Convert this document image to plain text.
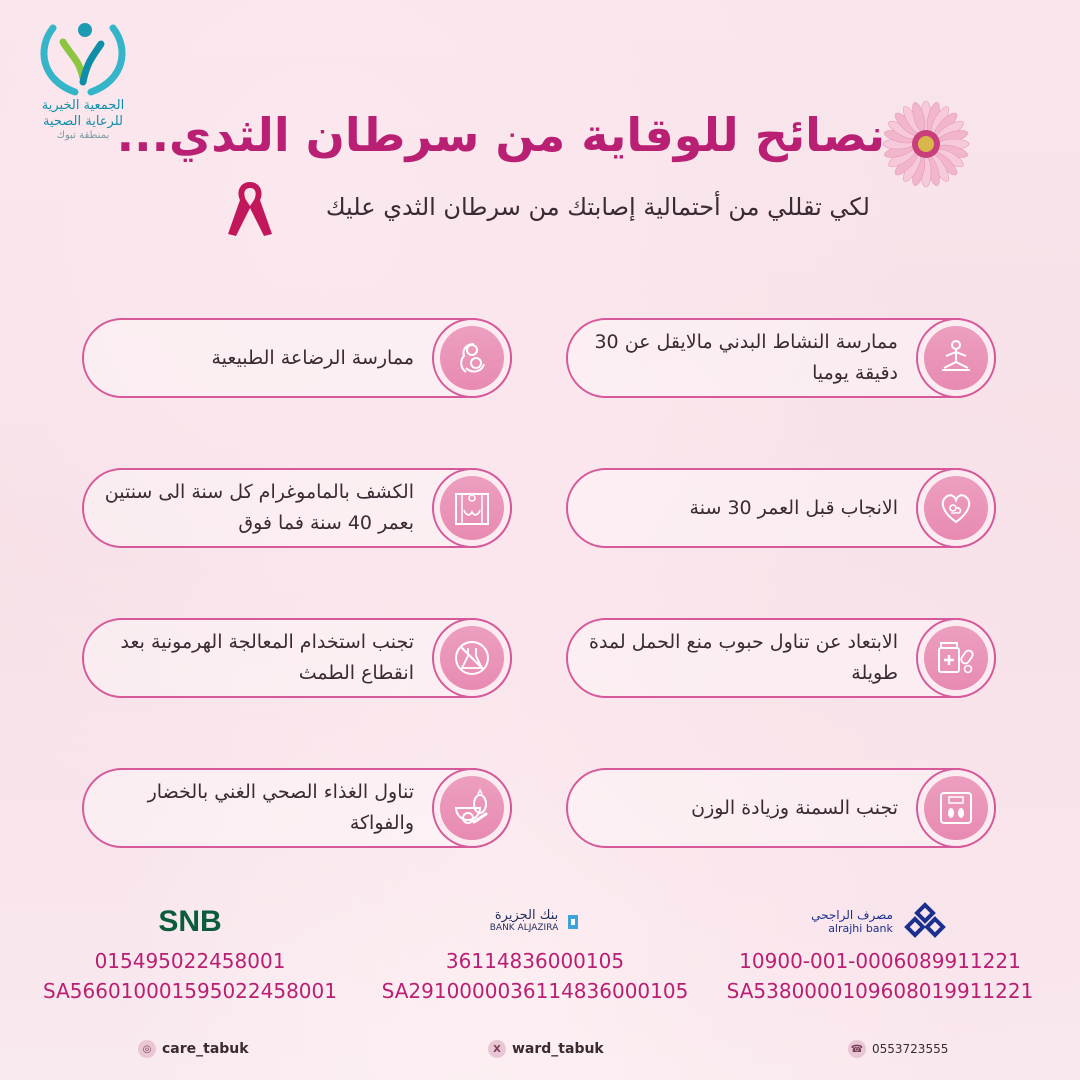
الجمعية الخيرية
للرعاية الصحية
بمنطقة تبوك نصائح للوقاية من سرطان الثدي...
لكي تقللي من أحتمالية إصابتك من سرطان الثدي عليك
ممارسة النشاط البدني مالايقل عن 30 دقيقة يوميا
الانجاب قبل العمر 30 سنة
الابتعاد عن تناول حبوب منع الحمل لمدة طويلة
تجنب السمنة وزيادة الوزن
ممارسة الرضاعة الطبيعية
الكشف بالماموغرام كل سنة الى سنتين بعمر 40 سنة فما فوق
تجنب استخدام المعالجة الهرمونية بعد انقطاع الطمث
تناول الغذاء الصحي الغني بالخضار والفواكة
SNB
015495022458001
SA566010001595022458001
بنك الجزيرة
BANK ALJAZIRA
36114836000105
SA2910000036114836000105
مصرف الراجحي
alrajhi bank
10900-001-0006089911221
SA5380000109608019911221
◎ care_tabuk	X ward_tabuk	☎ 0553723555
